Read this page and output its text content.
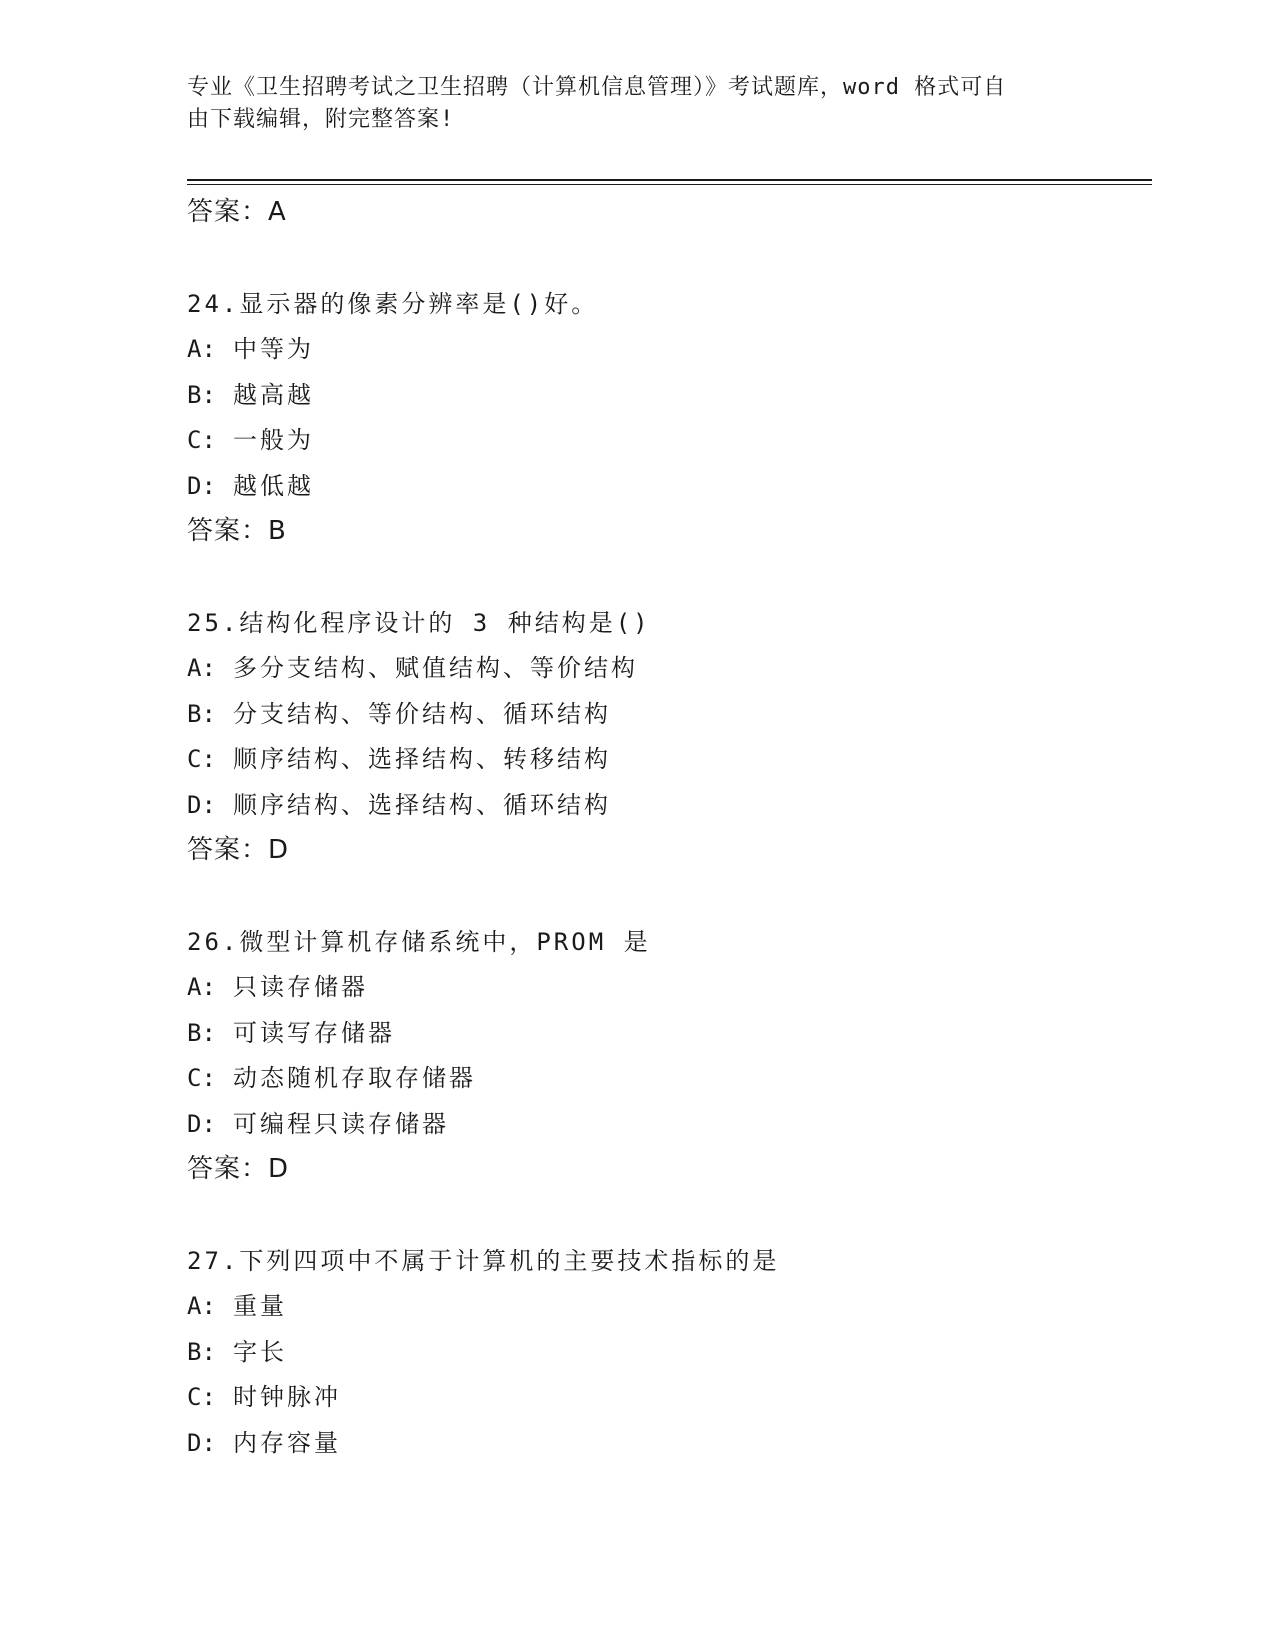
专业《卫生招聘考试之卫生招聘（计算机信息管理）》考试题库，word 格式可自
由下载编辑，附完整答案!
答案：A
24.显示器的像素分辨率是()好。
A: 中等为
B: 越高越
C: 一般为
D: 越低越
答案：B
25.结构化程序设计的 3 种结构是()
A: 多分支结构、赋值结构、等价结构
B: 分支结构、等价结构、循环结构
C: 顺序结构、选择结构、转移结构
D: 顺序结构、选择结构、循环结构
答案：D
26.微型计算机存储系统中，PROM 是
A: 只读存储器
B: 可读写存储器
C: 动态随机存取存储器
D: 可编程只读存储器
答案：D
27.下列四项中不属于计算机的主要技术指标的是
A: 重量
B: 字长
C: 时钟脉冲
D: 内存容量
